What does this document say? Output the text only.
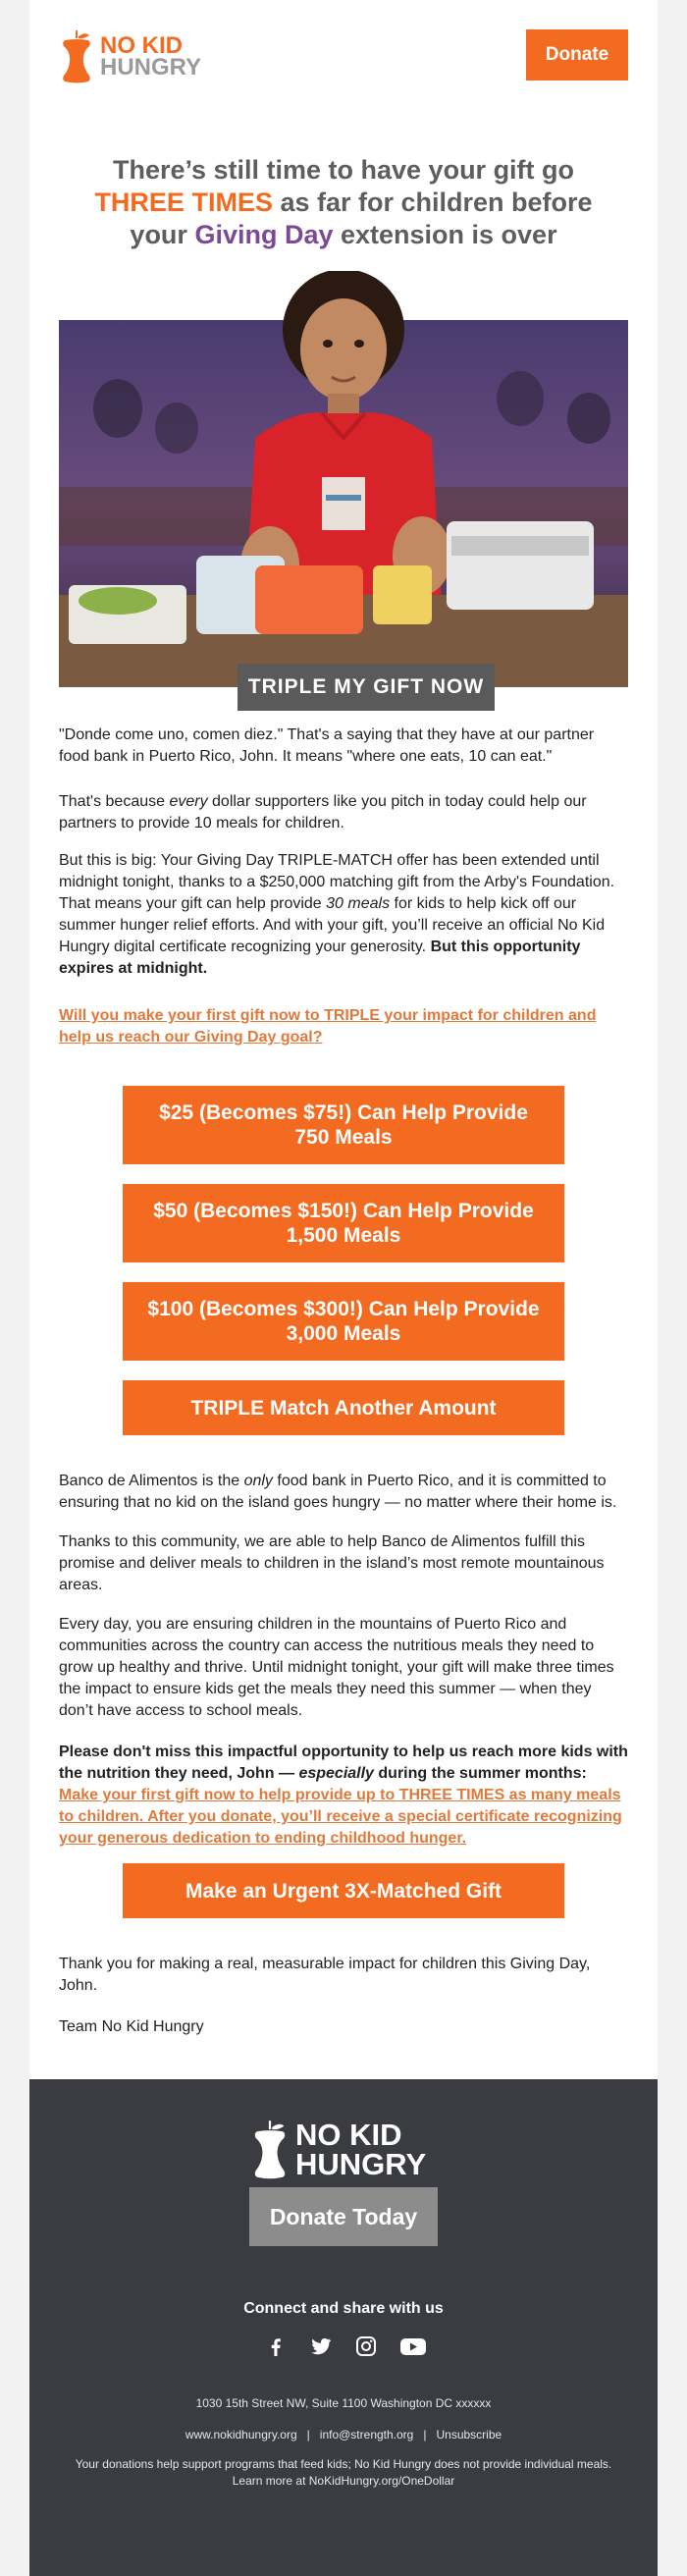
NO KID
HUNGRY	Donate
There’s still time to have your gift go
THREE TIMES as far for children before
your Giving Day extension is over
TRIPLE MY GIFT NOW
"Donde come uno, comen diez." That's a saying that they have at our partner food bank in Puerto Rico, John. It means "where one eats, 10 can eat."
That's because every dollar supporters like you pitch in today could help our partners to provide 10 meals for children.
But this is big: Your Giving Day TRIPLE-MATCH offer has been extended until midnight tonight, thanks to a $250,000 matching gift from the Arby's Foundation. That means your gift can help provide 30 meals for kids to help kick off our summer hunger relief efforts. And with your gift, you’ll receive an official No Kid Hungry digital certificate recognizing your generosity. But this opportunity expires at midnight.
Will you make your first gift now to TRIPLE your impact for children and help us reach our Giving Day goal?
$25 (Becomes $75!) Can Help Provide
750 Meals
$50 (Becomes $150!) Can Help Provide
1,500 Meals
$100 (Becomes $300!) Can Help Provide
3,000 Meals
TRIPLE Match Another Amount
Banco de Alimentos is the only food bank in Puerto Rico, and it is committed to ensuring that no kid on the island goes hungry — no matter where their home is.
Thanks to this community, we are able to help Banco de Alimentos fulfill this promise and deliver meals to children in the island’s most remote mountainous areas.
Every day, you are ensuring children in the mountains of Puerto Rico and communities across the country can access the nutritious meals they need to grow up healthy and thrive. Until midnight tonight, your gift will make three times the impact to ensure kids get the meals they need this summer — when they don’t have access to school meals.
Please don't miss this impactful opportunity to help us reach more kids with the nutrition they need, John — especially during the summer months:
Make your first gift now to help provide up to THREE TIMES as many meals to children. After you donate, you’ll receive a special certificate recognizing your generous dedication to ending childhood hunger.
Make an Urgent 3X-Matched Gift
Thank you for making a real, measurable impact for children this Giving Day, John.
Team No Kid Hungry
NO KID
HUNGRY
Donate Today
Connect and share with us
1030 15th Street NW, Suite 1100 Washington DC xxxxxx
www.nokidhungry.org | info@strength.org | Unsubscribe
Your donations help support programs that feed kids; No Kid Hungry does not provide individual meals.
Learn more at NoKidHungry.org/OneDollar
